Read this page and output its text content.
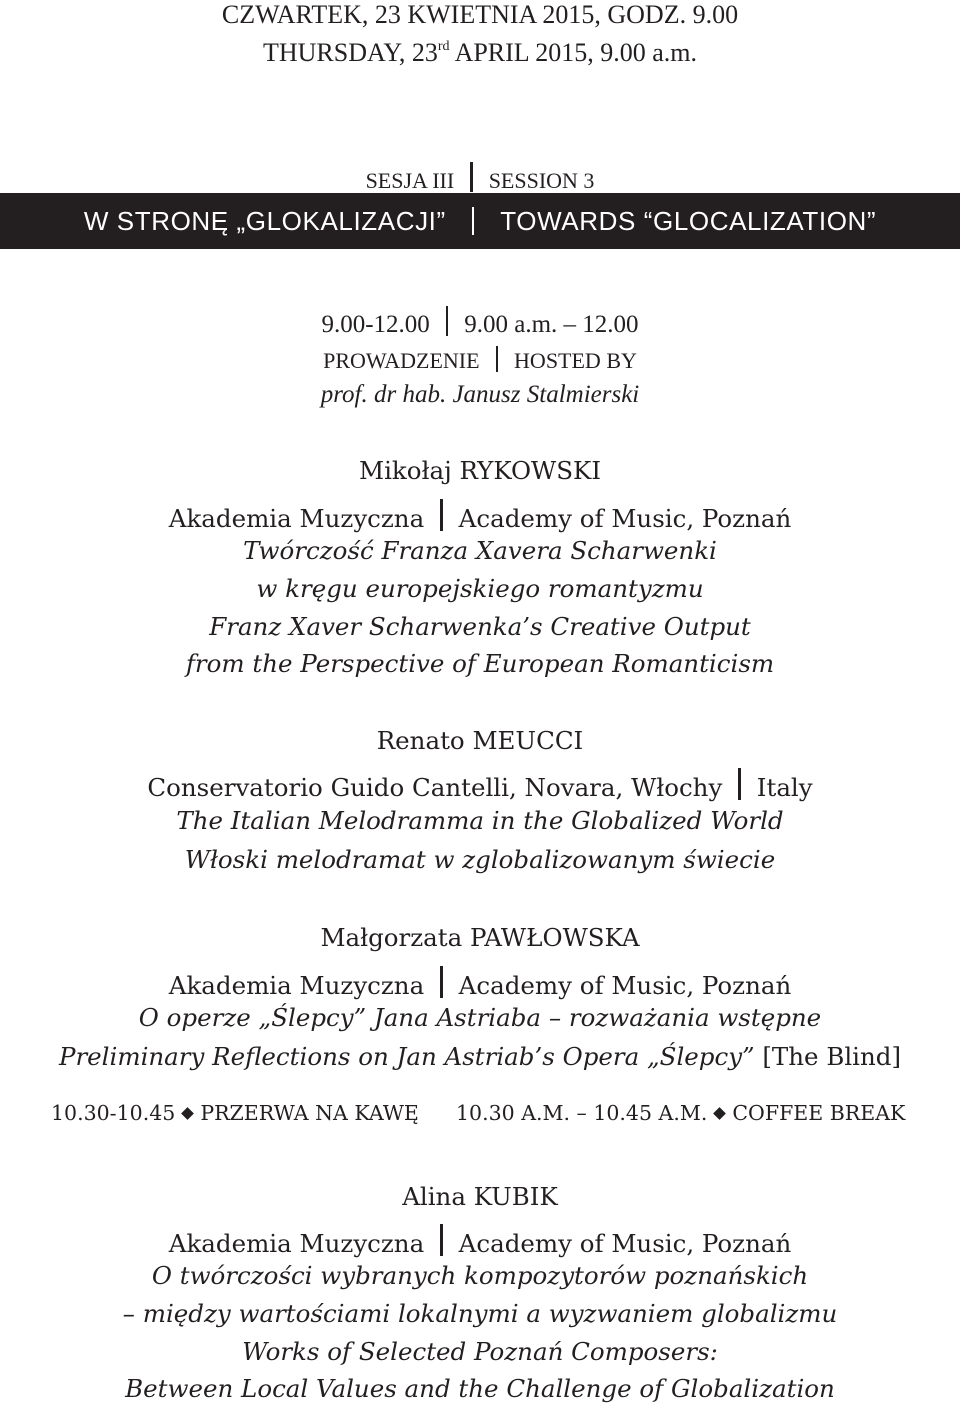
CZWARTEK, 23 KWIETNIA 2015, GODZ. 9.00
THURSDAY, 23rd APRIL 2015, 9.00 a.m.
SESJA III SESSION 3
W STRONĘ „GLOKALIZACJI” TOWARDS “GLOCALIZATION”
9.00-12.00 9.00 a.m. – 12.00
PROWADZENIE HOSTED BY
prof. dr hab. Janusz Stalmierski
Mikołaj RYKOWSKI
Akademia Muzyczna Academy of Music, Poznań
Twórczość Franza Xavera Scharwenki
w kręgu europejskiego romantyzmu
Franz Xaver Scharwenka’s Creative Output
from the Perspective of European Romanticism
Renato MEUCCI
Conservatorio Guido Cantelli, Novara, Włochy Italy
The Italian Melodramma in the Globalized World
Włoski melodramat w zglobalizowanym świecie
Małgorzata PAWŁOWSKA
Akademia Muzyczna Academy of Music, Poznań
O operze „Ślepcy” Jana Astriaba – rozważania wstępne
Preliminary Reflections on Jan Astriab’s Opera „Ślepcy” [The Blind]
10.30-10.45 PRZERWA NA KAWĘ 10.30 A.M. – 10.45 A.M. COFFEE BREAK
Alina KUBIK
Akademia Muzyczna Academy of Music, Poznań
O twórczości wybranych kompozytorów poznańskich
– między wartościami lokalnymi a wyzwaniem globalizmu
Works of Selected Poznań Composers:
Between Local Values and the Challenge of Globalization
